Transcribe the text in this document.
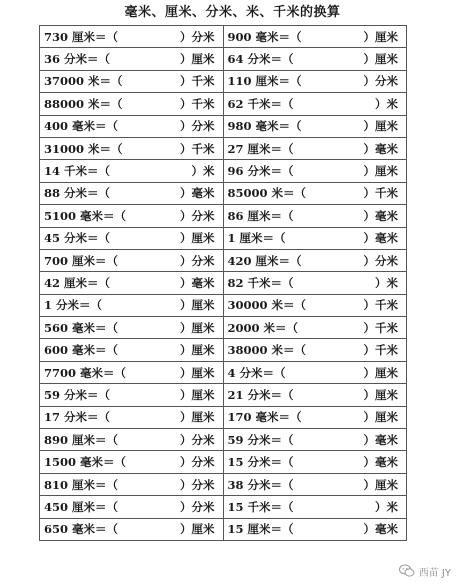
毫米、厘米、分米、米、千米的换算
730 厘米＝（ ）分米	900 毫米＝（ ）厘米

36 分米＝（ ）厘米	64 分米＝（ ）厘米

37000 米＝（ ）千米	110 厘米＝（ ）分米

88000 米＝（ ）千米	62 千米＝（ ）米

400 毫米＝（ ）分米	980 毫米＝（ ）厘米

31000 米＝（ ）千米	27 厘米＝（ ）毫米

14 千米＝（ ）米	96 分米＝（ ）厘米

88 分米＝（ ）毫米	85000 米＝（ ）千米

5100 毫米＝（ ）分米	86 厘米＝（ ）毫米

45 分米＝（ ）厘米	1 厘米＝（ ）毫米

700 厘米＝（ ）分米	420 厘米＝（ ）分米

42 厘米＝（ ）毫米	82 千米＝（ ）米

1 分米＝（ ）厘米	30000 米＝（ ）千米

560 毫米＝（ ）厘米	2000 米＝（ ）千米

600 毫米＝（ ）厘米	38000 米＝（ ）千米

7700 毫米＝（ ）厘米	4 分米＝（ ）厘米

59 分米＝（ ）厘米	21 分米＝（ ）厘米

17 分米＝（ ）厘米	170 毫米＝（ ）厘米

890 厘米＝（ ）分米	59 分米＝（ ）毫米

1500 毫米＝（ ）分米	15 分米＝（ ）毫米

810 厘米＝（ ）分米	38 分米＝（ ）厘米

450 厘米＝（ ）分米	15 千米＝（ ）米

650 毫米＝（ ）厘米	15 厘米＝（ ）毫米
西苗 JY
